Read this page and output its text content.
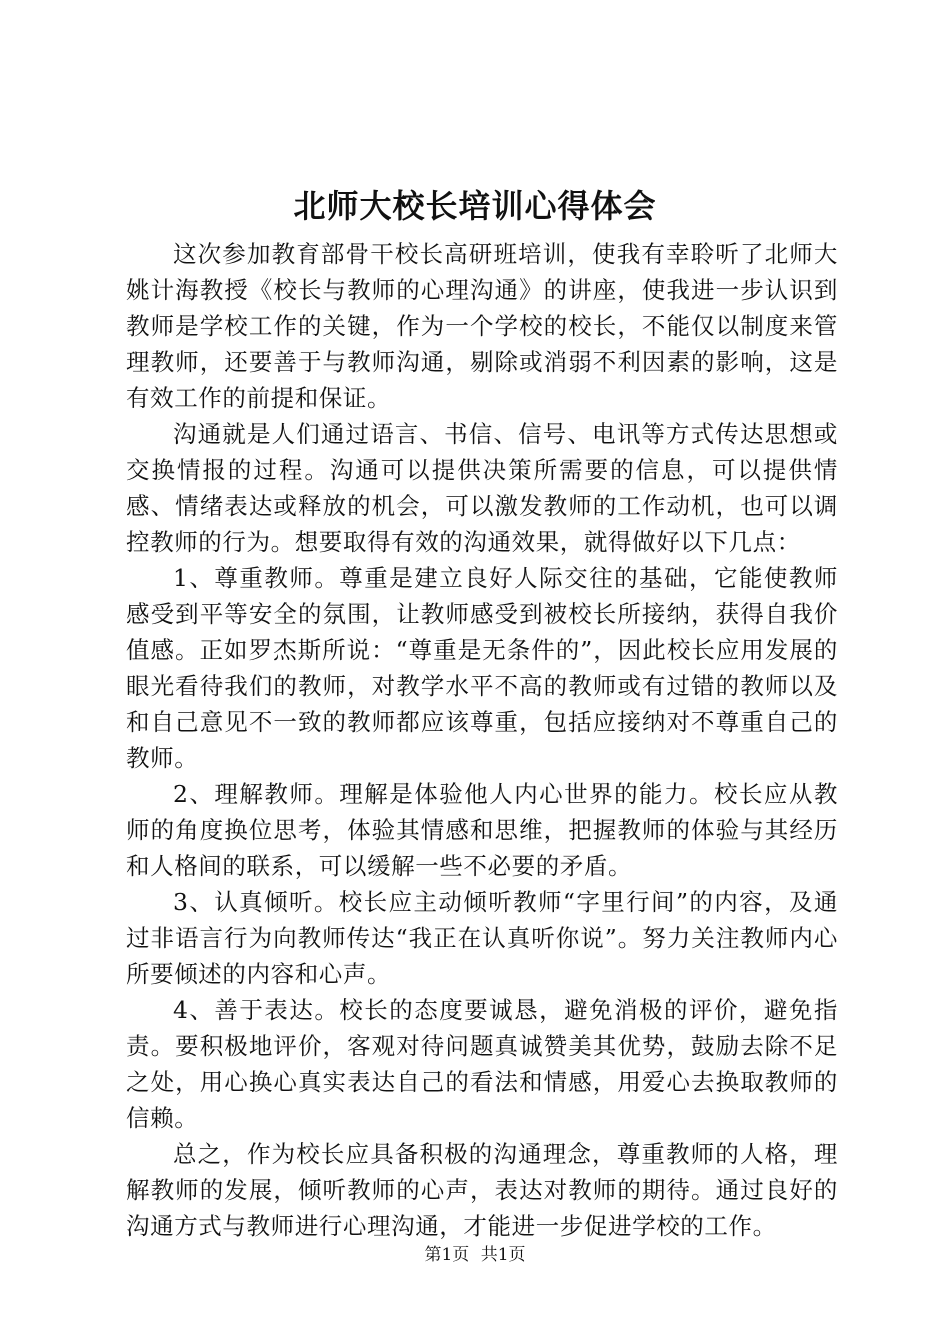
北师大校长培训心得体会

这次参加教育部骨干校长高研班培训，使我有幸聆听了北师大姚计海教授《校长与教师的心理沟通》的讲座，使我进一步认识到教师是学校工作的关键，作为一个学校的校长，不能仅以制度来管理教师，还要善于与教师沟通，剔除或消弱不利因素的影响，这是有效工作的前提和保证。

沟通就是人们通过语言、书信、信号、电讯等方式传达思想或交换情报的过程。沟通可以提供决策所需要的信息，可以提供情感、情绪表达或释放的机会，可以激发教师的工作动机，也可以调控教师的行为。想要取得有效的沟通效果，就得做好以下几点：

1、尊重教师。尊重是建立良好人际交往的基础，它能使教师感受到平等安全的氛围，让教师感受到被校长所接纳，获得自我价值感。正如罗杰斯所说：“尊重是无条件的”，因此校长应用发展的眼光看待我们的教师，对教学水平不高的教师或有过错的教师以及和自己意见不一致的教师都应该尊重，包括应接纳对不尊重自己的教师。

2、理解教师。理解是体验他人内心世界的能力。校长应从教师的角度换位思考，体验其情感和思维，把握教师的体验与其经历和人格间的联系，可以缓解一些不必要的矛盾。

3、认真倾听。校长应主动倾听教师“字里行间”的内容，及通过非语言行为向教师传达“我正在认真听你说”。努力关注教师内心所要倾述的内容和心声。

4、善于表达。校长的态度要诚恳，避免消极的评价，避免指责。要积极地评价，客观对待问题真诚赞美其优势，鼓励去除不足之处，用心换心真实表达自己的看法和情感，用爱心去换取教师的信赖。

总之，作为校长应具备积极的沟通理念，尊重教师的人格，理解教师的发展，倾听教师的心声，表达对教师的期待。通过良好的沟通方式与教师进行心理沟通，才能进一步促进学校的工作。

第1页 共1页
